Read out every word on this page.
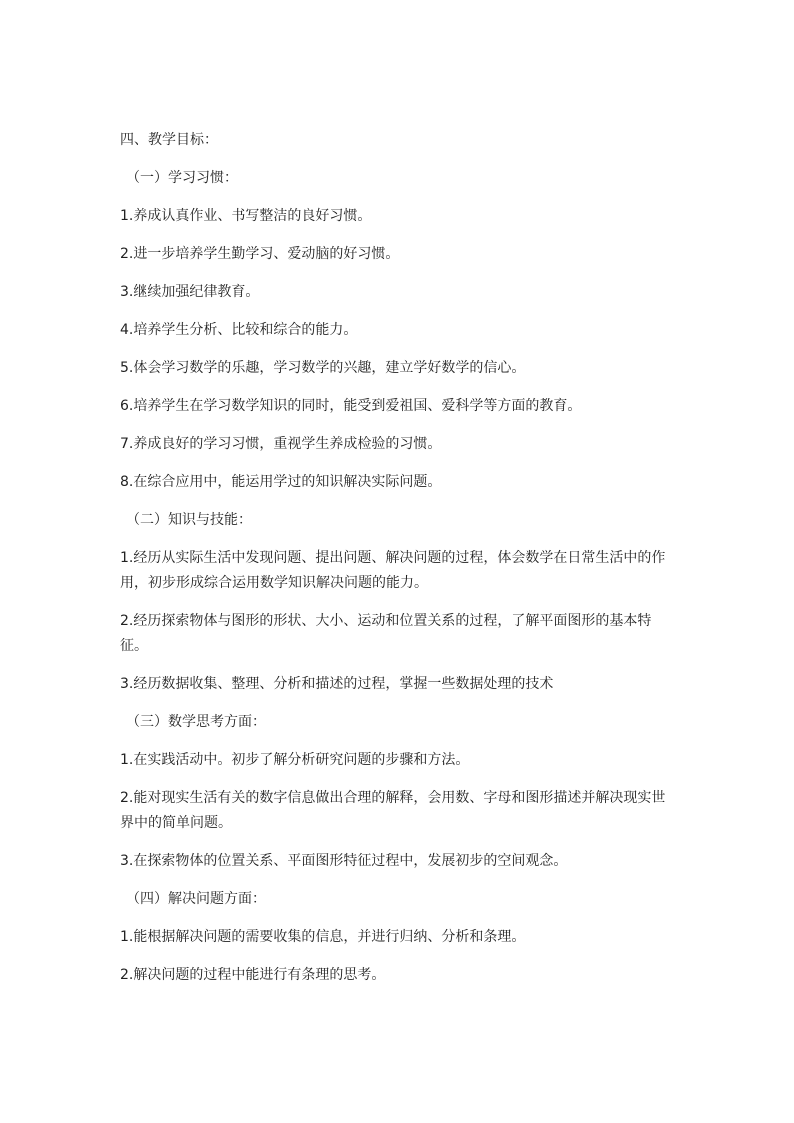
四、教学目标：

（一）学习习惯：

1.养成认真作业、书写整洁的良好习惯。

2.进一步培养学生勤学习、爱动脑的好习惯。

3.继续加强纪律教育。

4.培养学生分析、比较和综合的能力。

5.体会学习数学的乐趣，学习数学的兴趣，建立学好数学的信心。

6.培养学生在学习数学知识的同时，能受到爱祖国、爱科学等方面的教育。

7.养成良好的学习习惯，重视学生养成检验的习惯。

8.在综合应用中，能运用学过的知识解决实际问题。

（二）知识与技能：

1.经历从实际生活中发现问题、提出问题、解决问题的过程，体会数学在日常生活中的作用，初步形成综合运用数学知识解决问题的能力。

2.经历探索物体与图形的形状、大小、运动和位置关系的过程，了解平面图形的基本特征。

3.经历数据收集、整理、分析和描述的过程，掌握一些数据处理的技术

（三）数学思考方面：

1.在实践活动中。初步了解分析研究问题的步骤和方法。

2.能对现实生活有关的数字信息做出合理的解释，会用数、字母和图形描述并解决现实世界中的简单问题。

3.在探索物体的位置关系、平面图形特征过程中，发展初步的空间观念。

（四）解决问题方面：

1.能根据解决问题的需要收集的信息，并进行归纳、分析和条理。

2.解决问题的过程中能进行有条理的思考。
